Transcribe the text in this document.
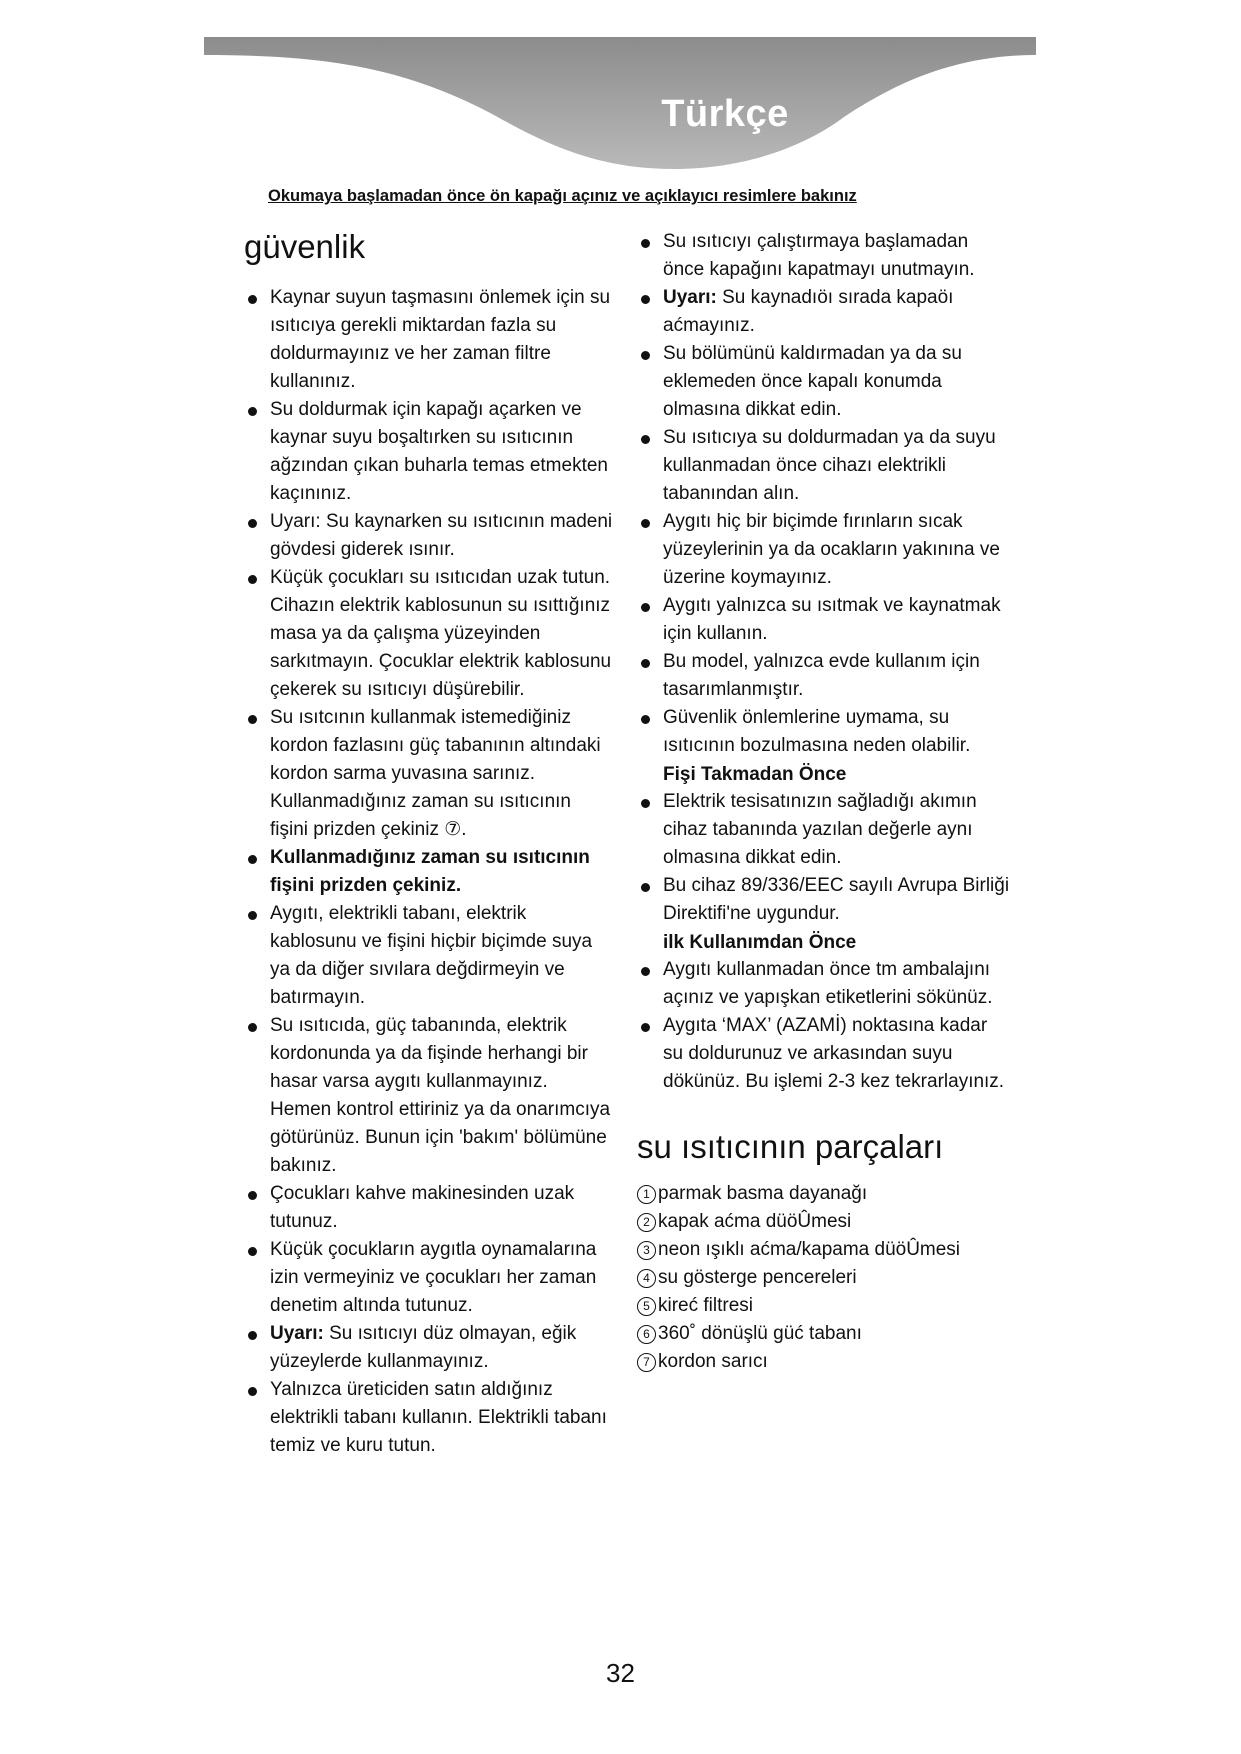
Türkçe
Okumaya başlamadan önce ön kapağı açınız ve açıklayıcı resimlere bakınız
güvenlik
Kaynar suyun taşmasını önlemek için su ısıtıcıya gerekli miktardan fazla su doldurmayınız ve her zaman filtre kullanınız.
Su doldurmak için kapağı açarken ve kaynar suyu boşaltırken su ısıtıcının ağzından çıkan buharla temas etmekten kaçınınız.
Uyarı: Su kaynarken su ısıtıcının madeni gövdesi giderek ısınır.
Küçük çocukları su ısıtıcıdan uzak tutun. Cihazın elektrik kablosunun su ısıttığınız masa ya da çalışma yüzeyinden sarkıtmayın. Çocuklar elektrik kablosunu çekerek su ısıtıcıyı düşürebilir.
Su ısıtcının kullanmak istemediğiniz kordon fazlasını güç tabanının altındaki kordon sarma yuvasına sarınız. Kullanmadığınız zaman su ısıtıcının fişini prizden çekiniz ⑦.
Kullanmadığınız zaman su ısıtıcının fişini prizden çekiniz.
Aygıtı, elektrikli tabanı, elektrik kablosunu ve fişini hiçbir biçimde suya ya da diğer sıvılara değdirmeyin ve batırmayın.
Su ısıtıcıda, güç tabanında, elektrik kordonunda ya da fişinde herhangi bir hasar varsa aygıtı kullanmayınız. Hemen kontrol ettiriniz ya da onarımcıya götürünüz. Bunun için 'bakım' bölümüne bakınız.
Çocukları kahve makinesinden uzak tutunuz.
Küçük çocukların aygıtla oynamalarına izin vermeyiniz ve çocukları her zaman denetim altında tutunuz.
Uyarı: Su ısıtıcıyı düz olmayan, eğik yüzeylerde kullanmayınız.
Yalnızca üreticiden satın aldığınız elektrikli tabanı kullanın. Elektrikli tabanı temiz ve kuru tutun.
Su ısıtıcıyı çalıştırmaya başlamadan önce kapağını kapatmayı unutmayın.
Uyarı: Su kaynadıöı sırada kapaöı aćmayınız.
Su bölümünü kaldırmadan ya da su eklemeden önce kapalı konumda olmasına dikkat edin.
Su ısıtıcıya su doldurmadan ya da suyu kullanmadan önce cihazı elektrikli tabanından alın.
Aygıtı hiç bir biçimde fırınların sıcak yüzeylerinin ya da ocakların yakınına ve üzerine koymayınız.
Aygıtı yalnızca su ısıtmak ve kaynatmak için kullanın.
Bu model, yalnızca evde kullanım için tasarımlanmıştır.
Güvenlik önlemlerine uymama, su ısıtıcının bozulmasına neden olabilir.
Fişi Takmadan Önce
Elektrik tesisatınızın sağladığı akımın cihaz tabanında yazılan değerle aynı olmasına dikkat edin.
Bu cihaz 89/336/EEC sayılı Avrupa Birliği Direktifi'ne uygundur.
ilk Kullanımdan Önce
Aygıtı kullanmadan önce tm ambalajını açınız ve yapışkan etiketlerini sökünüz.
Aygıta ‘MAX’ (AZAMİ) noktasına kadar su doldurunuz ve arkasından suyu dökünüz. Bu işlemi 2-3 kez tekrarlayınız.
su ısıtıcının parçaları
1 parmak basma dayanağı
2 kapak aćma düöÛmesi
3 neon ışıklı aćma/kapama düöÛmesi
4 su gösterge pencereleri
5 kireć filtresi
6 360˚ dönüşlü güć tabanı
7 kordon sarıcı
32
